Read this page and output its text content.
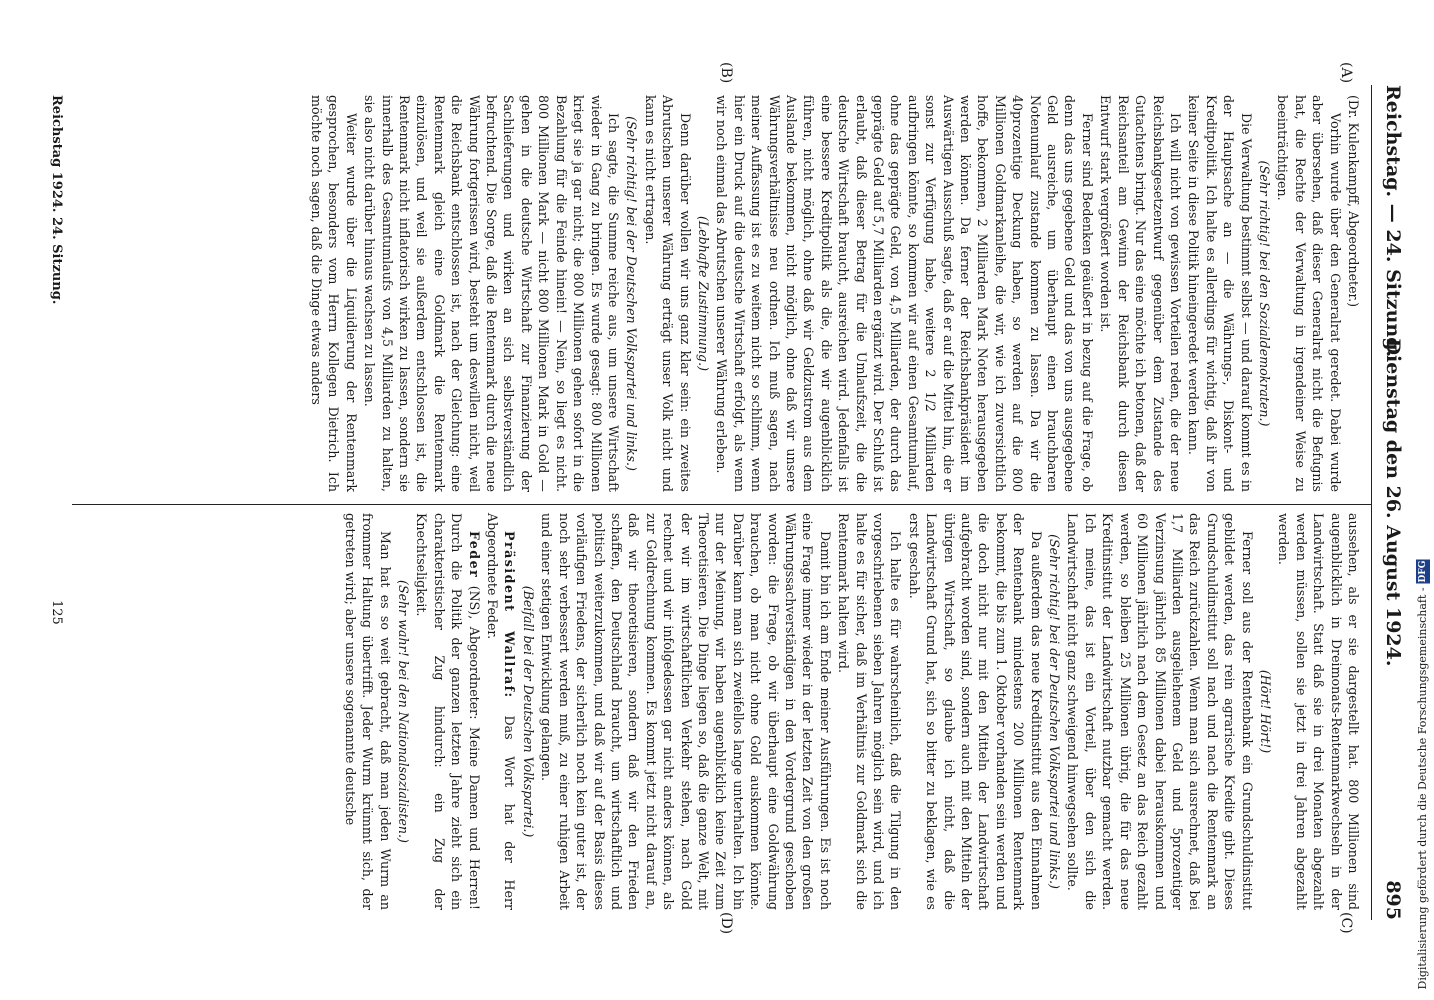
Reichstag. — 24. Sitzung.
Dienstag den 26. August 1924.
895
(A)
(B)
(C)
(D)

(Dr. Kulenkampff, Abgeordneter.)

Vorhin wurde über den Generalrat geredet. Dabei wurde aber übersehen, daß dieser Generalrat nicht die Befugnis hat, die Rechte der Verwaltung in irgendeiner Weise zu beeinträchtigen.

(Sehr richtig! bei den Sozialdemokraten.)

Die Verwaltung bestimmt selbst — und darauf kommt es in der Hauptsache an — die Währungs-, Diskont- und Kreditpolitik. Ich halte es allerdings für wichtig, daß ihr von keiner Seite in diese Politik hineingeredet werden kann.

Ich will nicht von gewissen Vorteilen reden, die der neue Reichsbankgesetzentwurf gegenüber dem Zustande des Gutachtens bringt. Nur das eine möchte ich betonen, daß der Reichsanteil am Gewinn der Reichsbank durch diesen Entwurf stark vergrößert worden ist.

Ferner sind Bedenken geäußert in bezug auf die Frage, ob denn das uns gegebene Geld und das von uns ausgegebene Geld ausreiche, um überhaupt einen brauchbaren Notenumlauf zustande kommen zu lassen. Da wir die 40prozentige Deckung haben, so werden auf die 800 Millionen Goldmarkanleihe, die wir, wie ich zuversichtlich hoffe, bekommen, 2 Milliarden Mark Noten herausgegeben werden können. Da ferner der Reichsbankpräsident im Auswärtigen Ausschuß sagte, daß er auf die Mittel hin, die er sonst zur Verfügung habe, weitere 2 1/2 Milliarden aufbringen könnte, so kommen wir auf einen Gesamtumlauf, ohne das geprägte Geld, von 4,5 Milliarden, der durch das geprägte Geld auf 5,7 Milliarden ergänzt wird. Der Schluß ist erlaubt, daß dieser Betrag für die Umlaufszeit, die die deutsche Wirtschaft braucht, ausreichen wird. Jedenfalls ist eine bessere Kreditpolitik als die, die wir augenblicklich führen, nicht möglich, ohne daß wir Geldzustrom aus dem Auslande bekommen, nicht möglich, ohne daß wir unsere Währungsverhältnisse neu ordnen. Ich muß sagen, nach meiner Auffassung ist es zu weitem nicht so schlimm, wenn hier ein Druck auf die deutsche Wirtschaft erfolgt, als wenn wir noch einmal das Abrutschen unserer Währung erleben.

(Lebhafte Zustimmung.)

Denn darüber wollen wir uns ganz klar sein: ein zweites Abrutschen unserer Währung erträgt unser Volk nicht und kann es nicht ertragen.

(Sehr richtig! bei der Deutschen Volkspartei und links.)

Ich sagte, die Summe reiche aus, um unsere Wirtschaft wieder in Gang zu bringen. Es wurde gesagt: 800 Millionen kriegt sie ja gar nicht; die 800 Millionen gehen sofort in die Bezahlung für die Feinde hinein! — Nein, so liegt es nicht. 800 Millionen Mark — nicht 800 Millionen Mark in Gold — gehen in die deutsche Wirtschaft zur Finanzierung der Sachlieferungen und wirken an sich selbstverständlich befruchtend. Die Sorge, daß die Rentenmark durch die neue Währung fortgerissen wird, besteht um deswillen nicht, weil die Reichsbank entschlossen ist, nach der Gleichung: eine Rentenmark gleich eine Goldmark die Rentenmark einzulösen, und weil sie außerdem entschlossen ist, die Rentenmark nicht inflatorisch wirken zu lassen, sondern sie innerhalb des Gesamtumlaufs von 4,5 Milliarden zu halten, sie also nicht darüber hinaus wachsen zu lassen.

Weiter wurde über die Liquidierung der Rentenmark gesprochen, besonders vom Herrn Kollegen Dietrich. Ich möchte noch sagen, daß die Dinge etwas anders

aussehen, als er sie dargestellt hat. 800 Millionen sind augenblicklich in Dreimonats-Rentenmarkwechseln in der Landwirtschaft. Statt daß sie in drei Monaten abgezahlt werden müssen, sollen sie jetzt in drei Jahren abgezahlt werden.

(Hört! Hört!)

Ferner soll aus der Rentenbank ein Grundschuldinstitut gebildet werden, das rein agrarische Kredite gibt. Dieses Grundschuldinstitut soll nach und nach die Rentenmark an das Reich zurückzahlen. Wenn man sich ausrechnet, daß bei 1,7 Milliarden ausgeliehenem Geld und 5prozentiger Verzinsung jährlich 85 Millionen dabei herauskommen und 60 Millionen jährlich nach dem Gesetz an das Reich gezahlt werden, so bleiben 25 Millionen übrig, die für das neue Kreditinstitut der Landwirtschaft nutzbar gemacht werden. Ich meine, das ist ein Vorteil, über den sich die Landwirtschaft nicht ganz schweigend hinwegsehen sollte.

(Sehr richtig! bei der Deutschen Volkspartei und links.)

Da außerdem das neue Kreditinstitut aus den Einnahmen der Rentenbank mindestens 200 Millionen Rentenmark bekommt, die bis zum 1. Oktober vorhanden sein werden und die doch nicht nur mit den Mitteln der Landwirtschaft aufgebracht worden sind, sondern auch mit den Mitteln der übrigen Wirtschaft, so glaube ich nicht, daß die Landwirtschaft Grund hat, sich so bitter zu beklagen, wie es erst geschah.

Ich halte es für wahrscheinlich, daß die Tilgung in den vorgeschriebenen sieben Jahren möglich sein wird, und ich halte es für sicher, daß im Verhältnis zur Goldmark sich die Rentenmark halten wird.

Damit bin ich am Ende meiner Ausführungen. Es ist noch eine Frage immer wieder in der letzten Zeit von den großen Währungssachverständigen in den Vordergrund geschoben worden: die Frage, ob wir überhaupt eine Goldwährung brauchen, ob man nicht ohne Gold auskommen könnte. Darüber kann man sich zweifellos lange unterhalten. Ich bin nur der Meinung, wir haben augenblicklich keine Zeit zum Theoretisieren. Die Dinge liegen so, daß die ganze Welt, mit der wir im wirtschaftlichen Verkehr stehen, nach Gold rechnet und wir infolgedessen gar nicht anders können, als zur Goldrechnung kommen. Es kommt jetzt nicht darauf an, daß wir theoretisieren, sondern daß wir den Frieden schaffen, den Deutschland braucht, um wirtschaftlich und politisch weiterzukommen, und daß wir auf der Basis dieses vorläufigen Friedens, der sicherlich noch kein guter ist, der noch sehr verbessert werden muß, zu einer ruhigen Arbeit und einer stetigen Entwicklung gelangen.

(Beifall bei der Deutschen Volkspartei.)

Präsident Wallraf: Das Wort hat der Herr Abgeordnete Feder.

Feder (NS), Abgeordneter: Meine Damen und Herren! Durch die Politik der ganzen letzten Jahre zieht sich ein charakteristischer Zug hindurch: ein Zug der Knechtseligkeit.

(Sehr wahr! bei den Nationalsozialisten.)

Man hat es so weit gebracht, daß man jeden Wurm an frommer Haltung übertrifft. Jeder Wurm krümmt sich, der getreten wird; aber unsere sogenannte deutsche

Reichstag 1924. 24. Sitzung.
125	Digitalisierung gefördert durch die Deutsche Forschungsgemeinschaft - DFG
